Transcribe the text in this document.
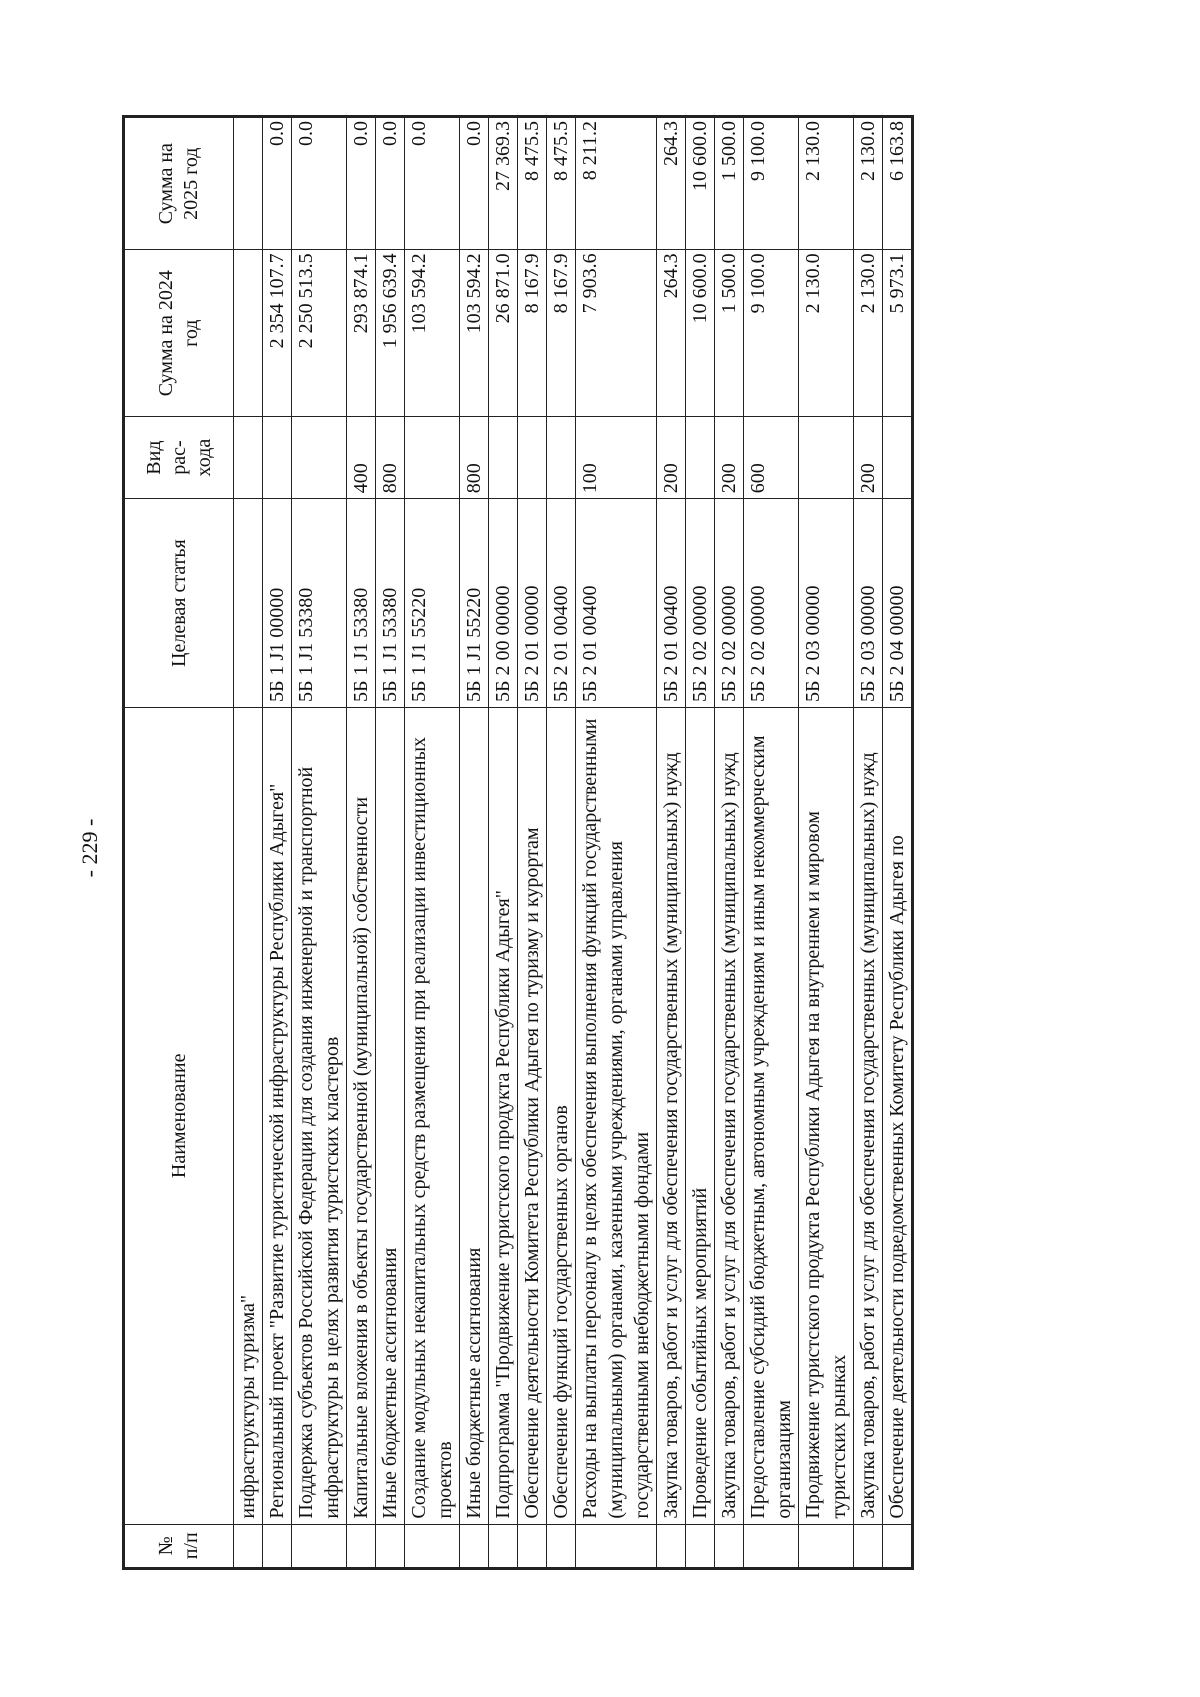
- 229 -
№ п/п	Наименование	Целевая статья	Вид рас-хода	Сумма на 2024 год	Сумма на 2025 год
	инфраструктуры туризма"				
	Региональный проект "Развитие туристической инфраструктуры Республики Адыгея"	5Б 1 J1 00000		2 354 107.7	0.0
	Поддержка субъектов Российской Федерации для создания инженерной и транспортной инфраструктуры в целях развития туристских кластеров	5Б 1 J1 53380		2 250 513.5	0.0
	Капитальные вложения в объекты государственной (муниципальной) собственности	5Б 1 J1 53380	400	293 874.1	0.0
	Иные бюджетные ассигнования	5Б 1 J1 53380	800	1 956 639.4	0.0
	Создание модульных некапитальных средств размещения при реализации инвестиционных проектов	5Б 1 J1 55220		103 594.2	0.0
	Иные бюджетные ассигнования	5Б 1 J1 55220	800	103 594.2	0.0
	Подпрограмма "Продвижение туристского продукта Республики Адыгея"	5Б 2 00 00000		26 871.0	27 369.3
	Обеспечение деятельности Комитета Республики Адыгея по туризму и курортам	5Б 2 01 00000		8 167.9	8 475.5
	Обеспечение функций государственных органов	5Б 2 01 00400		8 167.9	8 475.5
	Расходы на выплаты персоналу в целях обеспечения выполнения функций государственными (муниципальными) органами, казенными учреждениями, органами управления государственными внебюджетными фондами	5Б 2 01 00400	100	7 903.6	8 211.2
	Закупка товаров, работ и услуг для обеспечения государственных (муниципальных) нужд	5Б 2 01 00400	200	264.3	264.3
	Проведение событийных мероприятий	5Б 2 02 00000		10 600.0	10 600.0
	Закупка товаров, работ и услуг для обеспечения государственных (муниципальных) нужд	5Б 2 02 00000	200	1 500.0	1 500.0
	Предоставление субсидий бюджетным, автономным учреждениям и иным некоммерческим организациям	5Б 2 02 00000	600	9 100.0	9 100.0
	Продвижение туристского продукта Республики Адыгея на внутреннем и мировом туристских рынках	5Б 2 03 00000		2 130.0	2 130.0
	Закупка товаров, работ и услуг для обеспечения государственных (муниципальных) нужд	5Б 2 03 00000	200	2 130.0	2 130.0
	Обеспечение деятельности подведомственных Комитету Республики Адыгея по	5Б 2 04 00000		5 973.1	6 163.8
